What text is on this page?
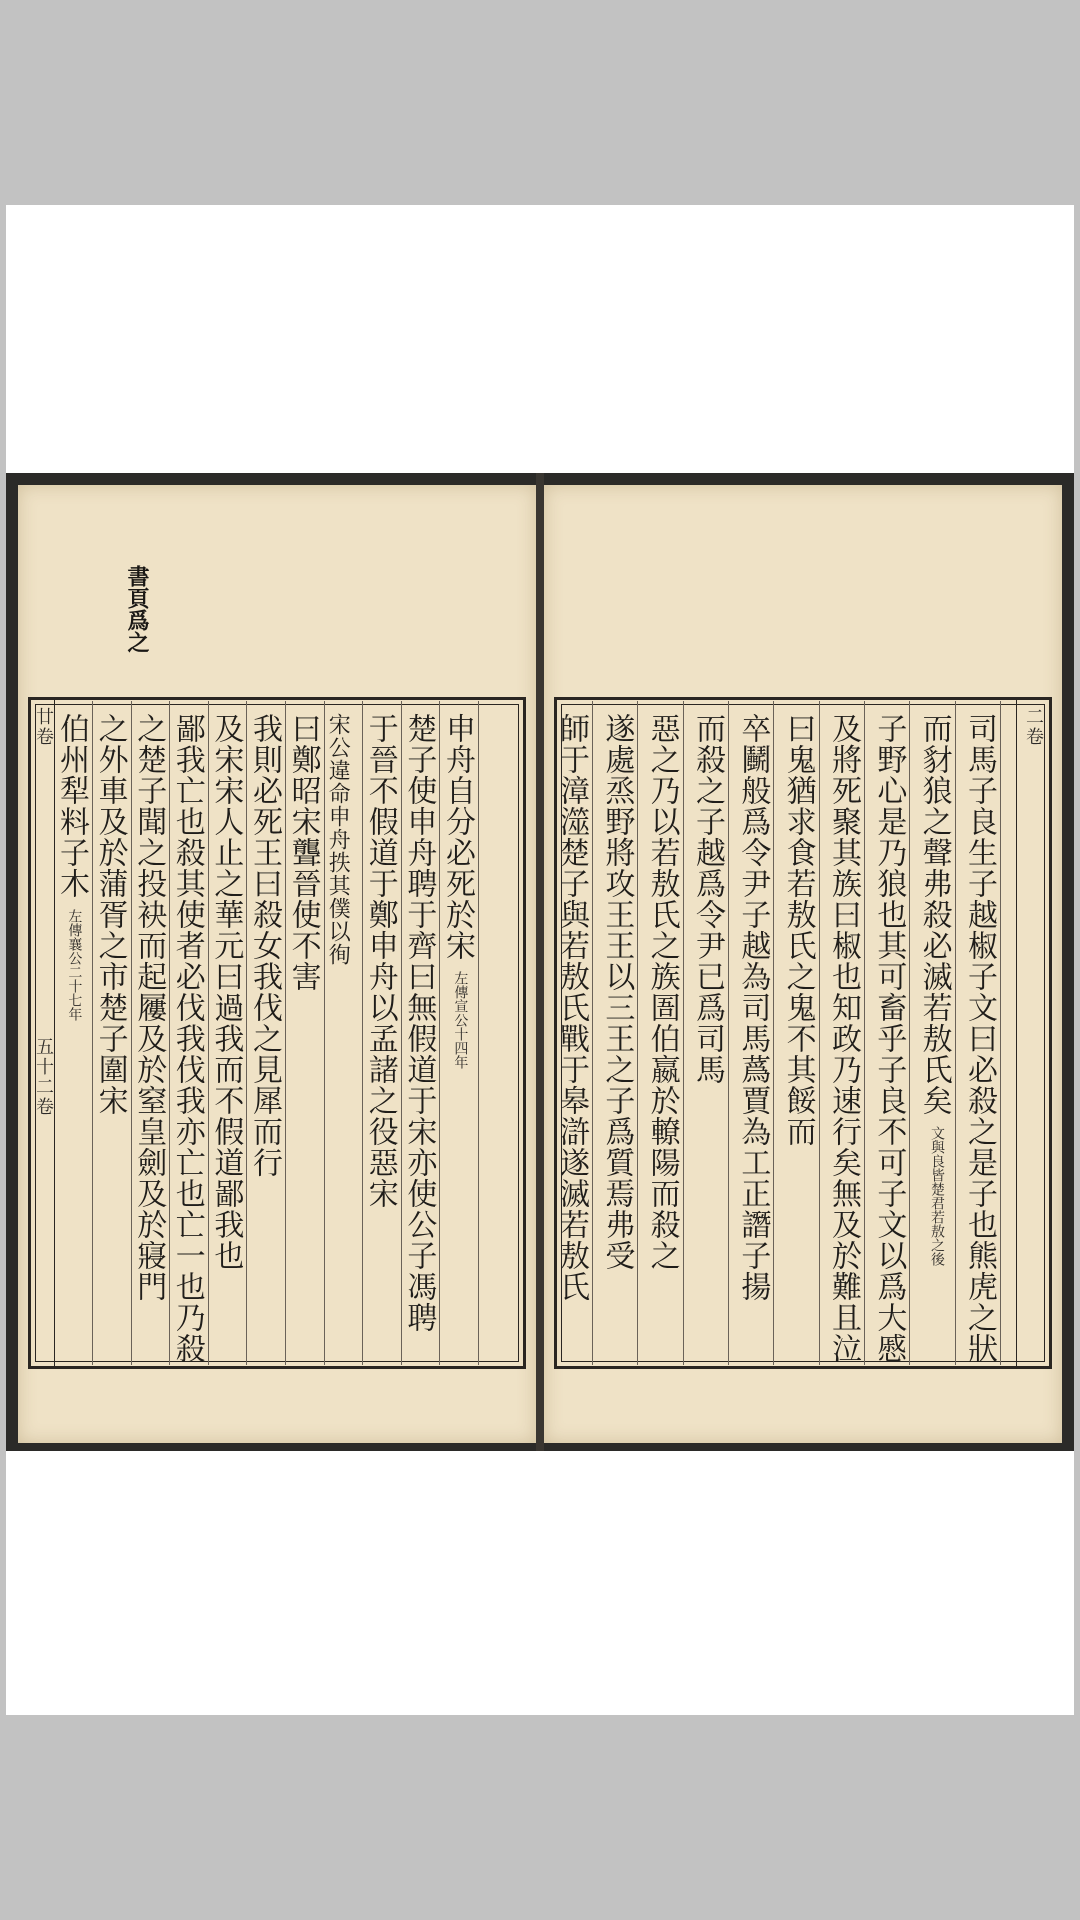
書頁爲之
廿卷
五十二卷
申舟自分必死於宋
左傳宣公十四年
楚子使申舟聘于齊曰無假道于宋亦使公子馮聘
于晉不假道于鄭申舟以孟諸之役惡宋
宋公違命申舟抶其僕以徇
曰鄭昭宋聾晉使不害
我則必死王曰殺女我伐之見犀而行
及宋宋人止之華元曰過我而不假道鄙我也
鄙我亡也殺其使者必伐我伐我亦亡也亡一也乃殺
之楚子聞之投袂而起屨及於窒皇劍及於寢門
之外車及於蒲胥之市楚子圍宋
伯州犁料子木
左傳襄公二十七年
二卷
司馬子良生子越椒子文曰必殺之是子也熊虎之狀
而豺狼之聲弗殺必滅若敖氏矣
文與良皆楚君若敖之後
子野心是乃狼也其可畜乎子良不可子文以爲大慼
及將死聚其族曰椒也知政乃速行矣無及於難且泣
曰鬼猶求食若敖氏之鬼不其餒而
卒鬭般爲令尹子越為司馬蔿賈為工正譖子揚
而殺之子越爲令尹已爲司馬
惡之乃以若敖氏之族圄伯嬴於轑陽而殺之
遂處烝野將攻王王以三王之子爲質焉弗受
師于漳澨楚子與若敖氏戰于皋滸遂滅若敖氏
